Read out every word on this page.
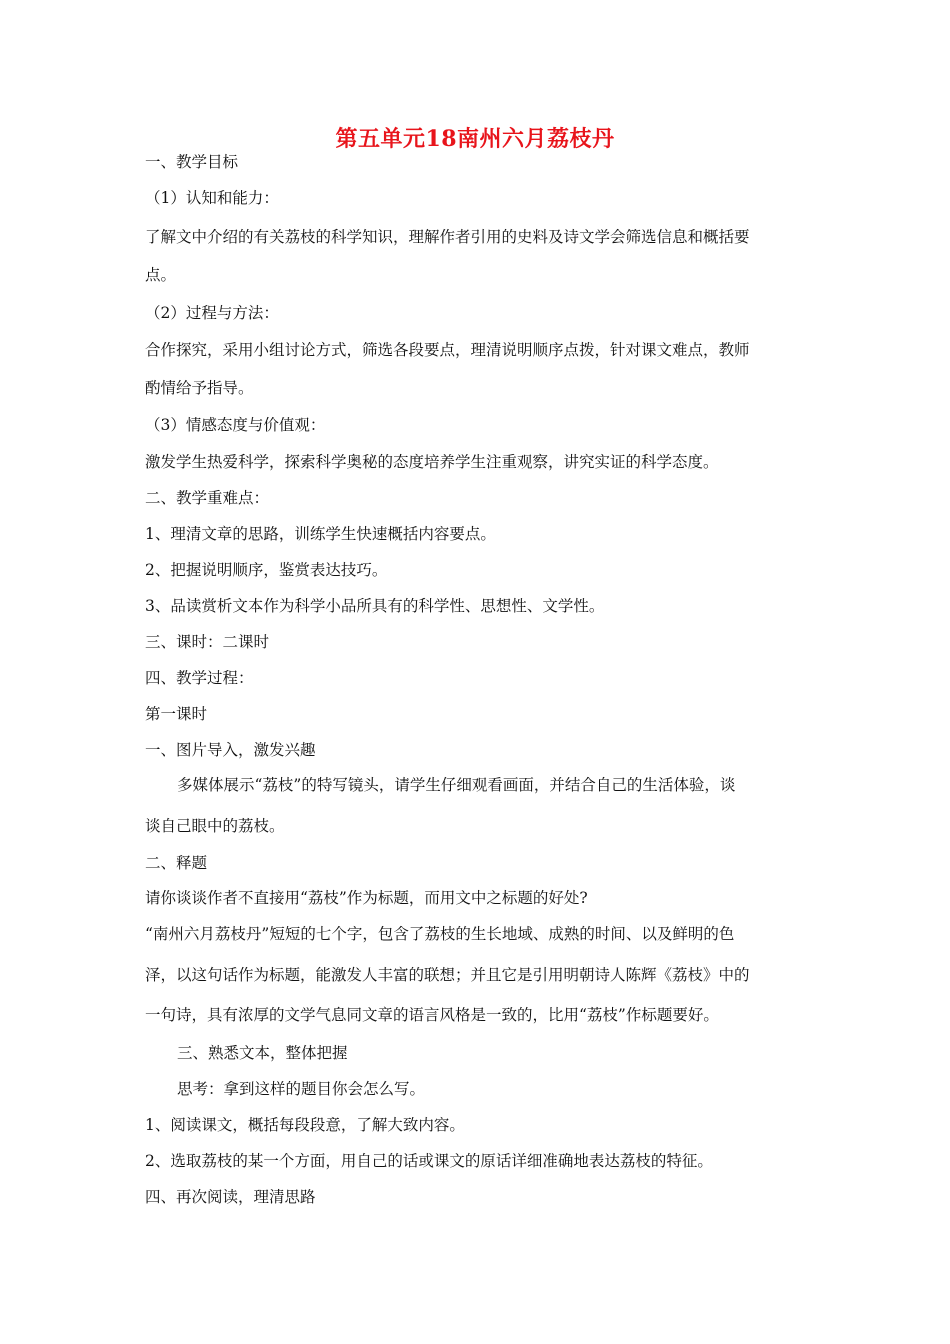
第五单元18南州六月荔枝丹
一、教学目标
（1）认知和能力：
了解文中介绍的有关荔枝的科学知识，理解作者引用的史料及诗文学会筛选信息和概括要
点。
（2）过程与方法：
合作探究，采用小组讨论方式，筛选各段要点，理清说明顺序点拨，针对课文难点，教师
酌情给予指导。
（3）情感态度与价值观：
激发学生热爱科学，探索科学奥秘的态度培养学生注重观察，讲究实证的科学态度。
二、教学重难点：
1、理清文章的思路，训练学生快速概括内容要点。
2、把握说明顺序，鉴赏表达技巧。
3、品读赏析文本作为科学小品所具有的科学性、思想性、文学性。
三、课时：二课时
四、教学过程：
第一课时
一、图片导入，激发兴趣
多媒体展示“荔枝”的特写镜头，请学生仔细观看画面，并结合自己的生活体验，谈
谈自己眼中的荔枝。
二、释题
请你谈谈作者不直接用“荔枝”作为标题，而用文中之标题的好处?
“南州六月荔枝丹”短短的七个字，包含了荔枝的生长地域、成熟的时间、以及鲜明的色
泽，以这句话作为标题，能激发人丰富的联想；并且它是引用明朝诗人陈辉《荔枝》中的
一句诗，具有浓厚的文学气息同文章的语言风格是一致的，比用“荔枝”作标题要好。
三、熟悉文本，整体把握
思考：拿到这样的题目你会怎么写。
1、阅读课文，概括每段段意，了解大致内容。
2、选取荔枝的某一个方面，用自己的话或课文的原话详细准确地表达荔枝的特征。
四、再次阅读，理清思路
